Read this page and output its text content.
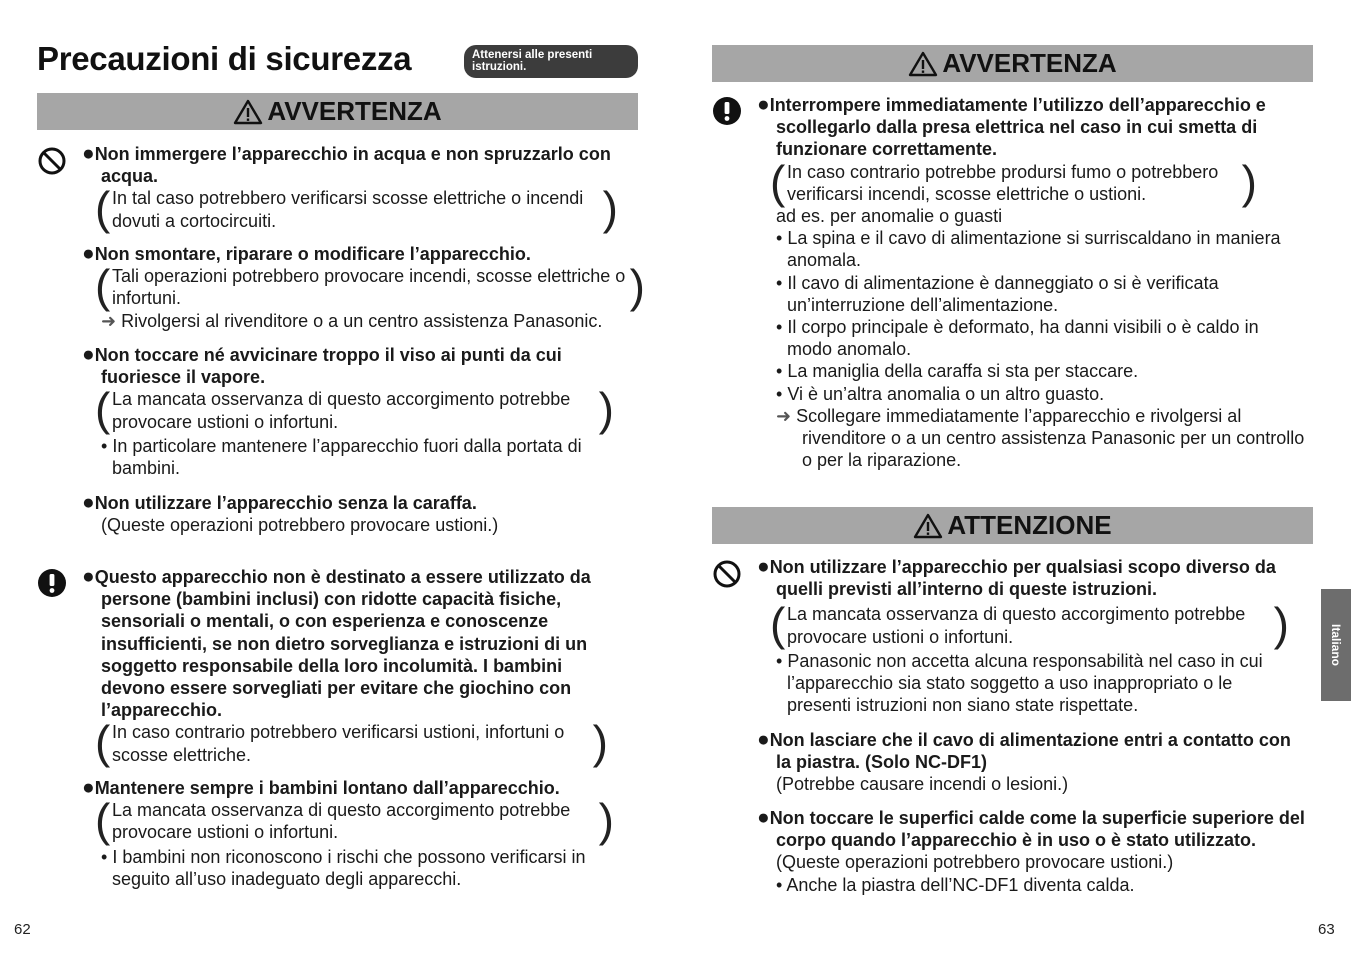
Precauzioni di sicurezza	Attenersi alle presenti istruzioni.
AVVERTENZA
●Non immergere l’apparecchio in acqua e non spruzzarlo con acqua.
( In tal caso potrebbero verificarsi scosse elettriche o incendi dovuti a cortocircuiti. )
●Non smontare, riparare o modificare l’apparecchio.
( Tali operazioni potrebbero provocare incendi, scosse elettriche o infortuni. )
➜ Rivolgersi al rivenditore o a un centro assistenza Panasonic.
●Non toccare né avvicinare troppo il viso ai punti da cui fuoriesce il vapore.
( La mancata osservanza di questo accorgimento potrebbe provocare ustioni o infortuni. )
• In particolare mantenere l’apparecchio fuori dalla portata di bambini.
●Non utilizzare l’apparecchio senza la caraffa.
(Queste operazioni potrebbero provocare ustioni.)
●Questo apparecchio non è destinato a essere utilizzato da persone (bambini inclusi) con ridotte capacità fisiche, sensoriali o mentali, o con esperienza e conoscenze insufficienti, se non dietro sorveglianza e istruzioni di un soggetto responsabile della loro incolumità. I bambini devono essere sorvegliati per evitare che giochino con l’apparecchio.
( In caso contrario potrebbero verificarsi ustioni, infortuni o scosse elettriche. )
●Mantenere sempre i bambini lontano dall’apparecchio.
( La mancata osservanza di questo accorgimento potrebbe provocare ustioni o infortuni. )
• I bambini non riconoscono i rischi che possono verificarsi in seguito all’uso inadeguato degli apparecchi.
62
AVVERTENZA
●Interrompere immediatamente l’utilizzo dell’apparecchio e scollegarlo dalla presa elettrica nel caso in cui smetta di funzionare correttamente.
( In caso contrario potrebbe prodursi fumo o potrebbero verificarsi incendi, scosse elettriche o ustioni. )
ad es. per anomalie o guasti
• La spina e il cavo di alimentazione si surriscaldano in maniera anomala.
• Il cavo di alimentazione è danneggiato o si è verificata un’interruzione dell’alimentazione.
• Il corpo principale è deformato, ha danni visibili o è caldo in modo anomalo.
• La maniglia della caraffa si sta per staccare.
• Vi è un’altra anomalia o un altro guasto.
➜ Scollegare immediatamente l’apparecchio e rivolgersi al rivenditore o a un centro assistenza Panasonic per un controllo o per la riparazione.
ATTENZIONE
●Non utilizzare l’apparecchio per qualsiasi scopo diverso da quelli previsti all’interno di queste istruzioni.
( La mancata osservanza di questo accorgimento potrebbe provocare ustioni o infortuni. )
• Panasonic non accetta alcuna responsabilità nel caso in cui l’apparecchio sia stato soggetto a uso inappropriato o le presenti istruzioni non siano state rispettate.
●Non lasciare che il cavo di alimentazione entri a contatto con la piastra. (Solo NC-DF1)
(Potrebbe causare incendi o lesioni.)
●Non toccare le superfici calde come la superficie superiore del corpo quando l’apparecchio è in uso o è stato utilizzato.
(Queste operazioni potrebbero provocare ustioni.)
• Anche la piastra dell’NC-DF1 diventa calda.
Italiano
63
